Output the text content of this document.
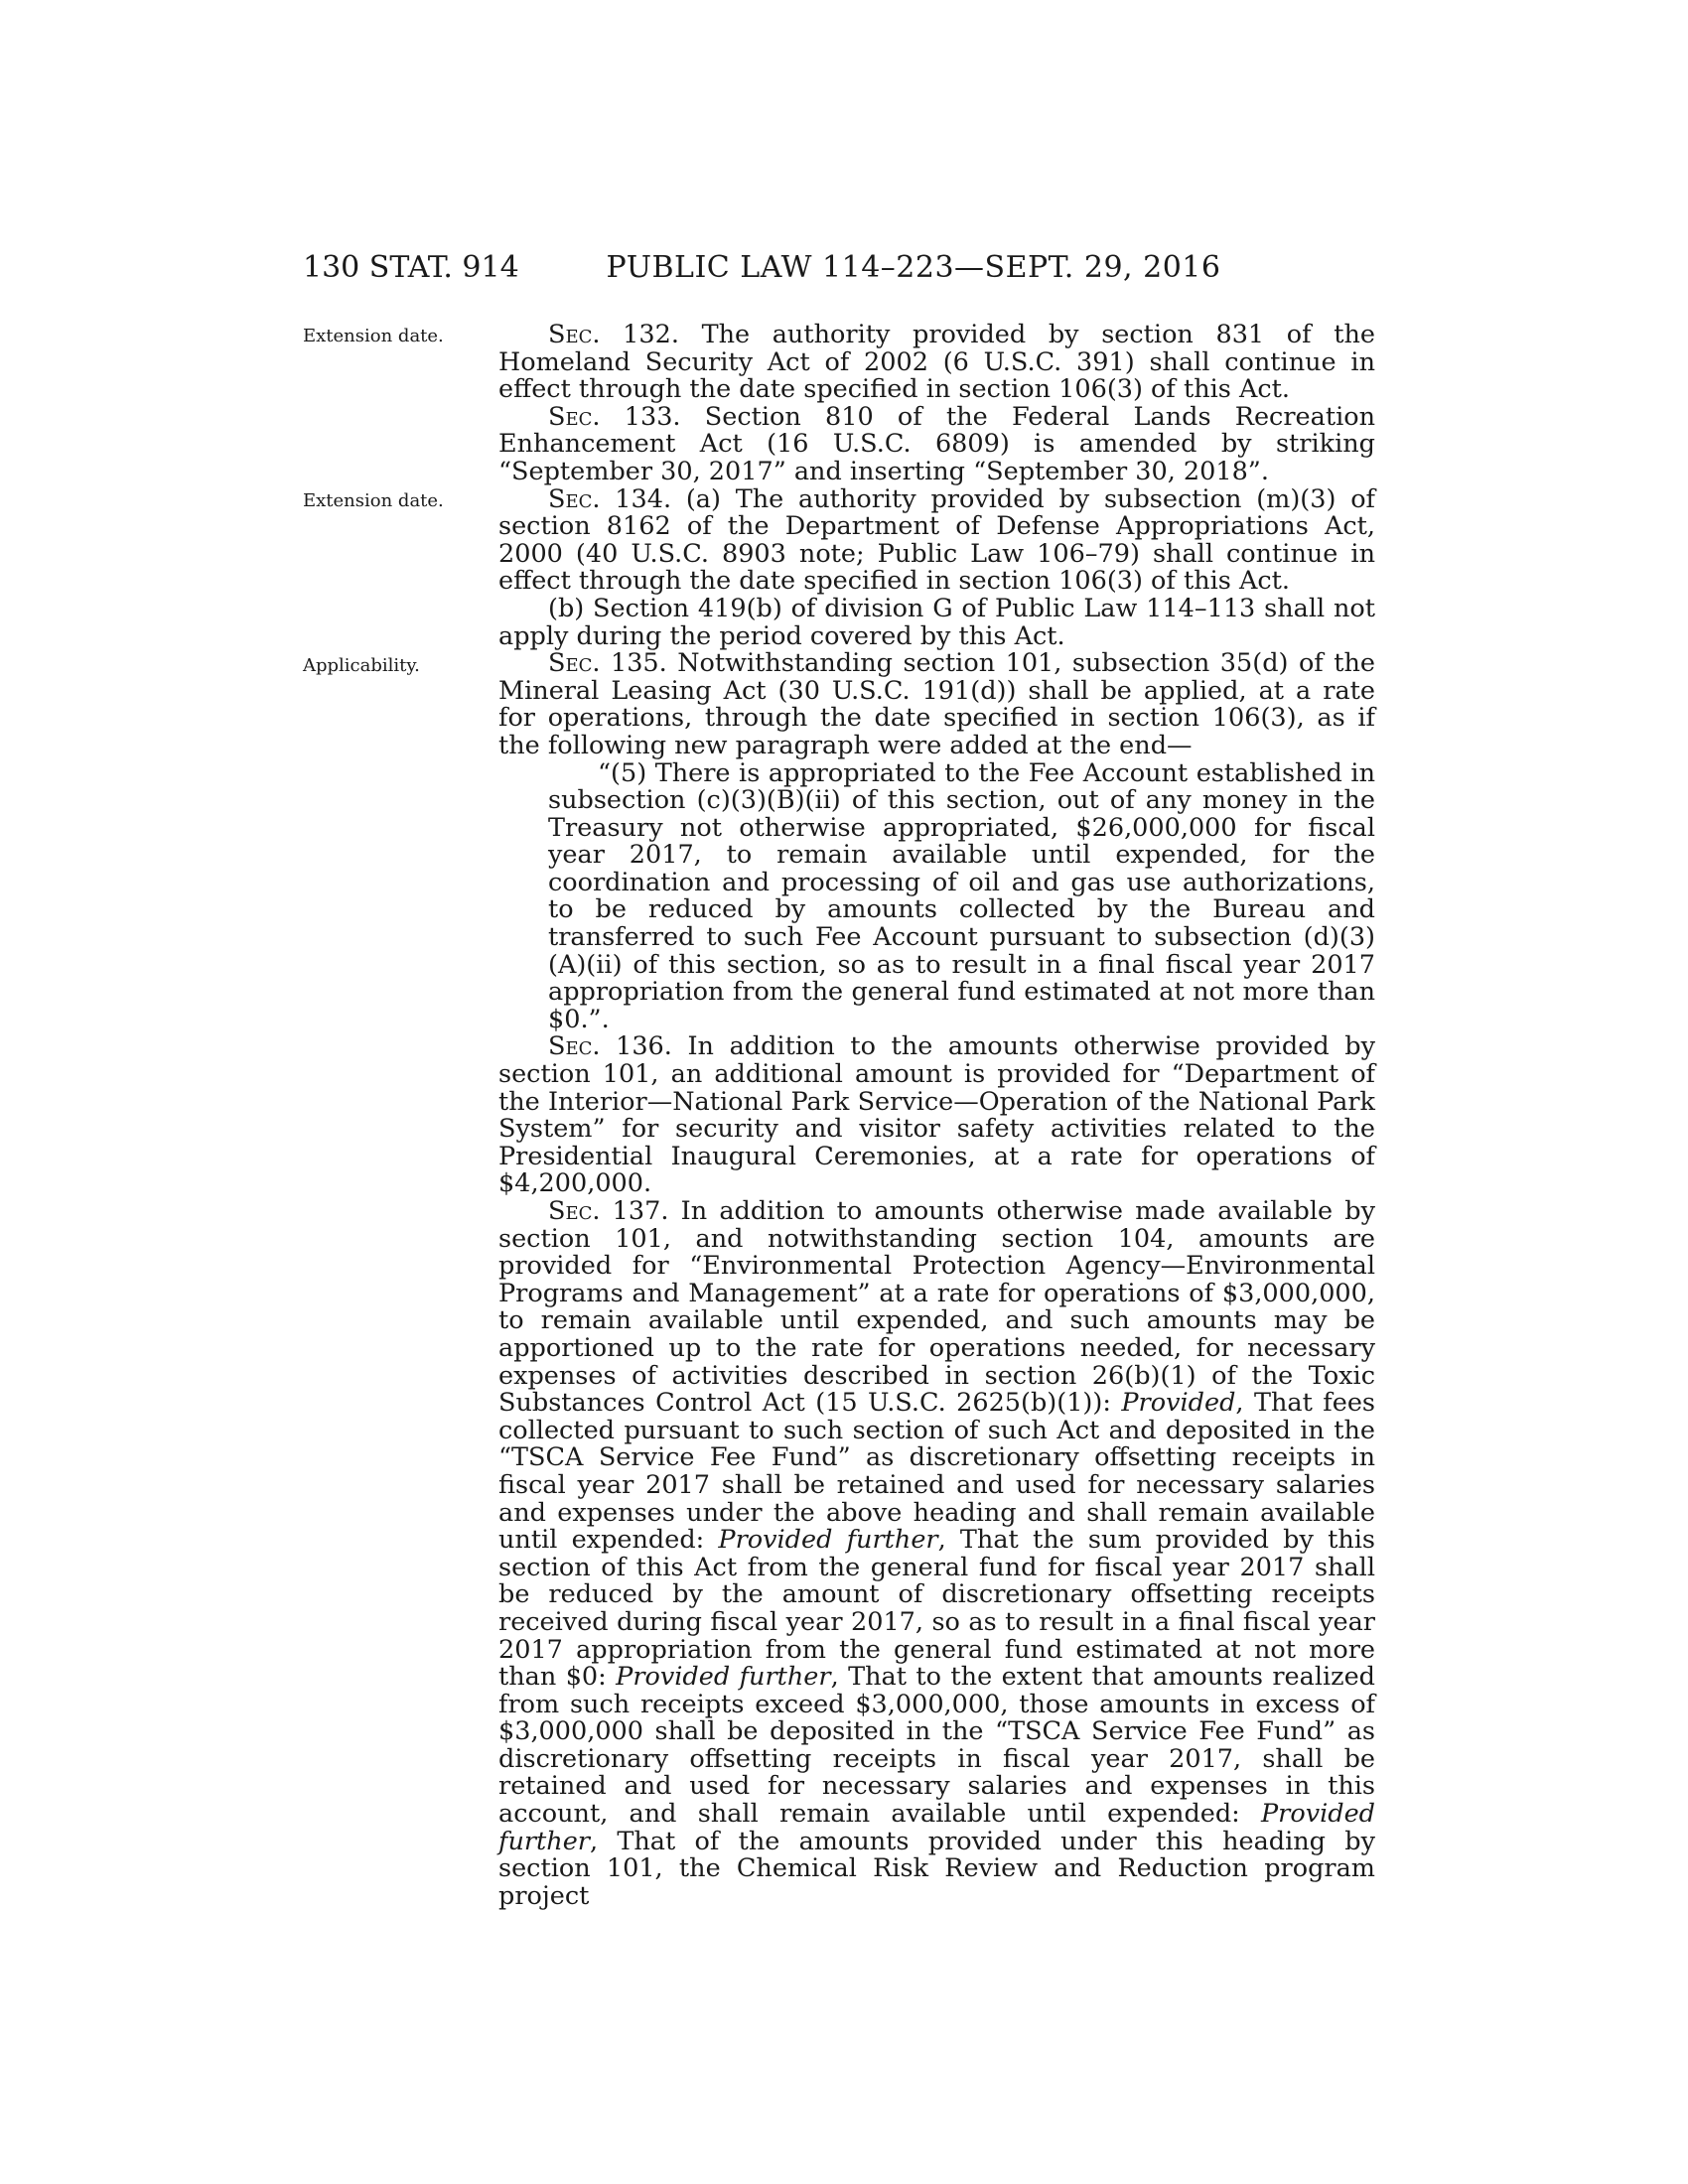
130 STAT. 914	PUBLIC LAW 114–223—SEPT. 29, 2016
Extension date.
Extension date.
Applicability.

Sec. 132. The authority provided by section 831 of the Homeland Security Act of 2002 (6 U.S.C. 391) shall continue in effect through the date specified in section 106(3) of this Act.

Sec. 133. Section 810 of the Federal Lands Recreation Enhancement Act (16 U.S.C. 6809) is amended by striking “September 30, 2017” and inserting “September 30, 2018”.

Sec. 134. (a) The authority provided by subsection (m)(3) of section 8162 of the Department of Defense Appropriations Act, 2000 (40 U.S.C. 8903 note; Public Law 106–79) shall continue in effect through the date specified in section 106(3) of this Act.

(b) Section 419(b) of division G of Public Law 114–113 shall not apply during the period covered by this Act.

Sec. 135. Notwithstanding section 101, subsection 35(d) of the Mineral Leasing Act (30 U.S.C. 191(d)) shall be applied, at a rate for operations, through the date specified in section 106(3), as if the following new paragraph were added at the end—

“(5) There is appropriated to the Fee Account established in subsection (c)(3)(B)(ii) of this section, out of any money in the Treasury not otherwise appropriated, $26,000,000 for fiscal year 2017, to remain available until expended, for the coordination and processing of oil and gas use authorizations, to be reduced by amounts collected by the Bureau and transferred to such Fee Account pursuant to subsection (d)(3)(A)(ii) of this section, so as to result in a final fiscal year 2017 appropriation from the general fund estimated at not more than $0.”.

Sec. 136. In addition to the amounts otherwise provided by section 101, an additional amount is provided for “Department of the Interior—National Park Service—Operation of the National Park System” for security and visitor safety activities related to the Presidential Inaugural Ceremonies, at a rate for operations of $4,200,000.

Sec. 137. In addition to amounts otherwise made available by section 101, and notwithstanding section 104, amounts are provided for “Environmental Protection Agency—Environmental Programs and Management” at a rate for operations of $3,000,000, to remain available until expended, and such amounts may be apportioned up to the rate for operations needed, for necessary expenses of activities described in section 26(b)(1) of the Toxic Substances Control Act (15 U.S.C. 2625(b)(1)): Provided, That fees collected pursuant to such section of such Act and deposited in the “TSCA Service Fee Fund” as discretionary offsetting receipts in fiscal year 2017 shall be retained and used for necessary salaries and expenses under the above heading and shall remain available until expended: Provided further, That the sum provided by this section of this Act from the general fund for fiscal year 2017 shall be reduced by the amount of discretionary offsetting receipts received during fiscal year 2017, so as to result in a final fiscal year 2017 appropriation from the general fund estimated at not more than $0: Provided further, That to the extent that amounts realized from such receipts exceed $3,000,000, those amounts in excess of $3,000,000 shall be deposited in the “TSCA Service Fee Fund” as discretionary offsetting receipts in fiscal year 2017, shall be retained and used for necessary salaries and expenses in this account, and shall remain available until expended: Provided further, That of the amounts provided under this heading by section 101, the Chemical Risk Review and Reduction program project
